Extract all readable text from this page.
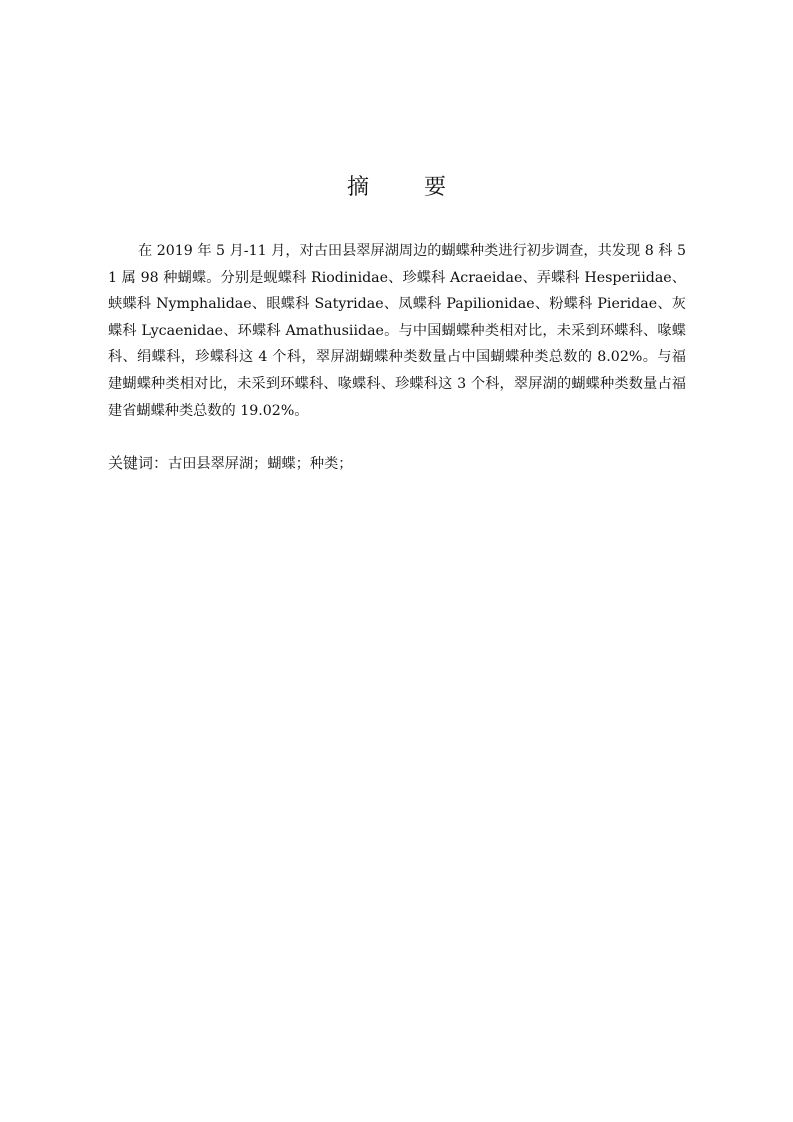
摘 要

在 2019 年 5 月-11 月，对古田县翠屏湖周边的蝴蝶种类进行初步调查，共发现 8 科 51 属 98 种蝴蝶。分别是蚬蝶科 Riodinidae、珍蝶科 Acraeidae、弄蝶科 Hesperiidae、蛱蝶科 Nymphalidae、眼蝶科 Satyridae、凤蝶科 Papilionidae、粉蝶科 Pieridae、灰蝶科 Lycaenidae、环蝶科 Amathusiidae。与中国蝴蝶种类相对比，未采到环蝶科、喙蝶科、绢蝶科，珍蝶科这 4 个科，翠屏湖蝴蝶种类数量占中国蝴蝶种类总数的 8.02%。与福建蝴蝶种类相对比，未采到环蝶科、喙蝶科、珍蝶科这 3 个科，翠屏湖的蝴蝶种类数量占福建省蝴蝶种类总数的 19.02%。

关键词：古田县翠屏湖；蝴蝶；种类；
